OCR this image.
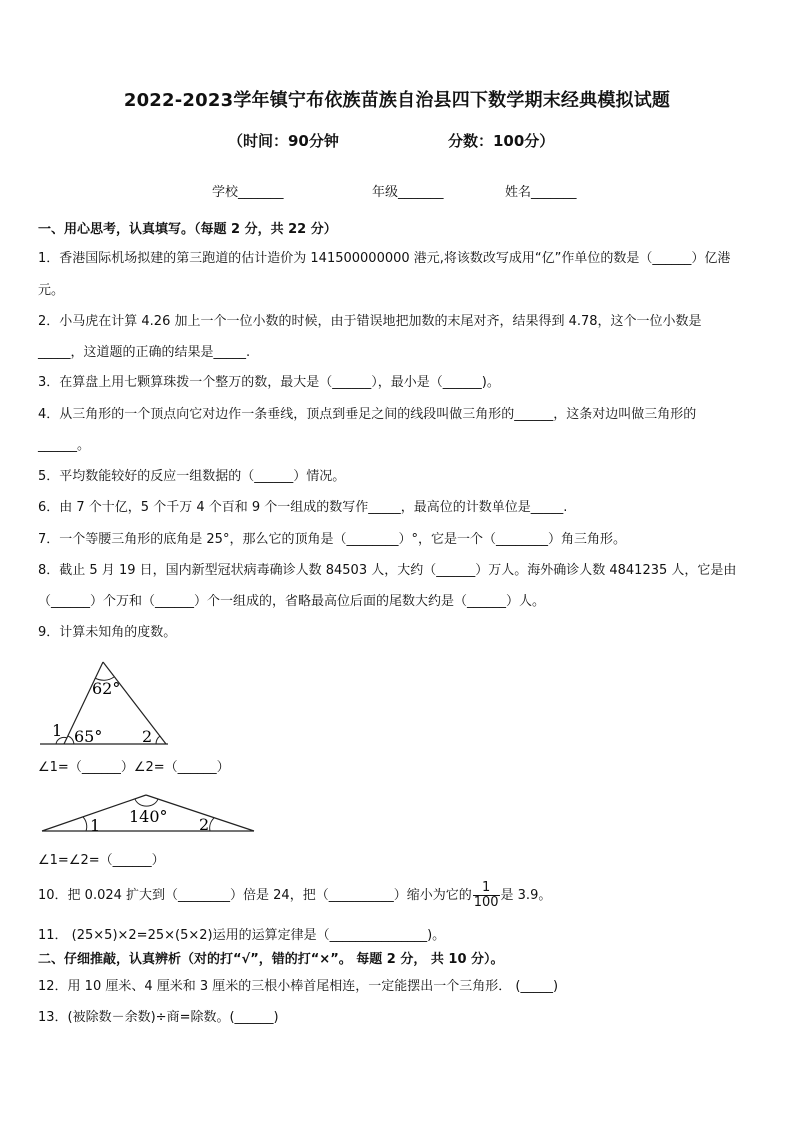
2022-2023学年镇宁布依族苗族自治县四下数学期末经典模拟试题
（时间：90分钟	分数：100分）
学校_______	年级_______	姓名_______
一、用心思考，认真填写。（每题 2 分，共 22 分）
1．香港国际机场拟建的第三跑道的估计造价为 141500000000 港元,将该数改写成用“亿”作单位的数是（______）亿港
元。
2．小马虎在计算 4.26 加上一个一位小数的时候，由于错误地把加数的末尾对齐，结果得到 4.78，这个一位小数是
_____，这道题的正确的结果是_____.
3．在算盘上用七颗算珠拨一个整万的数，最大是（______），最小是（______)。
4．从三角形的一个顶点向它对边作一条垂线，顶点到垂足之间的线段叫做三角形的______，这条对边叫做三角形的
______。
5．平均数能较好的反应一组数据的（______）情况。
6．由 7 个十亿，5 个千万 4 个百和 9 个一组成的数写作_____，最高位的计数单位是_____.
7．一个等腰三角形的底角是 25°，那么它的顶角是（________）°，它是一个（________）角三角形。
8．截止 5 月 19 日，国内新型冠状病毒确诊人数 84503 人，大约（______）万人。海外确诊人数 4841235 人，它是由
（______）个万和（______）个一组成的，省略最高位后面的尾数大约是（______）人。
9．计算未知角的度数。
62°
65°
1	2
∠1=（______）∠2=（______）
140°
1	2
∠1=∠2=（______）
10．把 0.024 扩大到（________）倍是 24，把（__________）缩小为它的 $\frac{1}{100}$ 是 3.9。
11． (25×5)×2=25×(5×2)运用的运算定律是（_______________)。
二、仔细推敲，认真辨析（对的打“√”，错的打“×”。 每题 2 分， 共 10 分）。
12．用 10 厘米、4 厘米和 3 厘米的三根小棒首尾相连，一定能摆出一个三角形． (_____)
13．(被除数－余数)÷商=除数。(______)
